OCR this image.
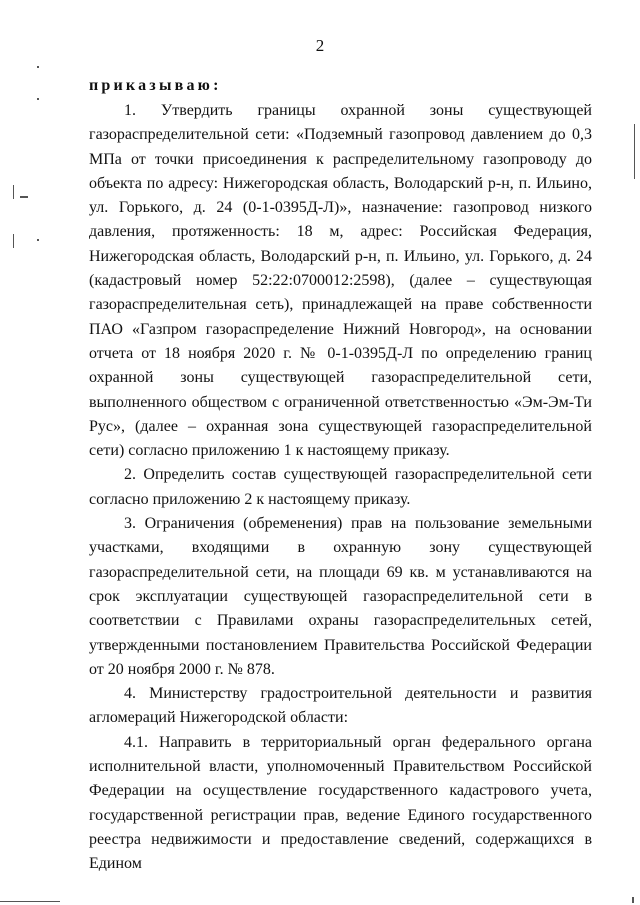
2
приказываю:

1. Утвердить границы охранной зоны существующей газораспределительной сети: «Подземный газопровод давлением до 0,3 МПа от точки присоединения к распределительному газопроводу до объекта по адресу: Нижегородская область, Володарский р-н, п. Ильино, ул. Горького, д. 24 (0-1-0395Д-Л)», назначение: газопровод низкого давления, протяженность: 18 м, адрес: Российская Федерация, Нижегородская область, Володарский р-н, п. Ильино, ул. Горького, д. 24 (кадастровый номер 52:22:0700012:2598), (далее – существующая газораспределительная сеть), принадлежащей на праве собственности ПАО «Газпром газораспределение Нижний Новгород», на основании отчета от 18 ноября 2020 г. № 0-1-0395Д-Л по определению границ охранной зоны существующей газораспределительной сети, выполненного обществом с ограниченной ответственностью «Эм-Эм-Ти Рус», (далее – охранная зона существующей газораспределительной сети) согласно приложению 1 к настоящему приказу.

2. Определить состав существующей газораспределительной сети согласно приложению 2 к настоящему приказу.

3. Ограничения (обременения) прав на пользование земельными участками, входящими в охранную зону существующей газораспределительной сети, на площади 69 кв. м устанавливаются на срок эксплуатации существующей газораспределительной сети в соответствии с Правилами охраны газораспределительных сетей, утвержденными постановлением Правительства Российской Федерации от 20 ноября 2000 г. № 878.

4. Министерству градостроительной деятельности и развития агломераций Нижегородской области:

4.1. Направить в территориальный орган федерального органа исполнительной власти, уполномоченный Правительством Российской Федерации на осуществление государственного кадастрового учета, государственной регистрации прав, ведение Единого государственного реестра недвижимости и предоставление сведений, содержащихся в Едином
